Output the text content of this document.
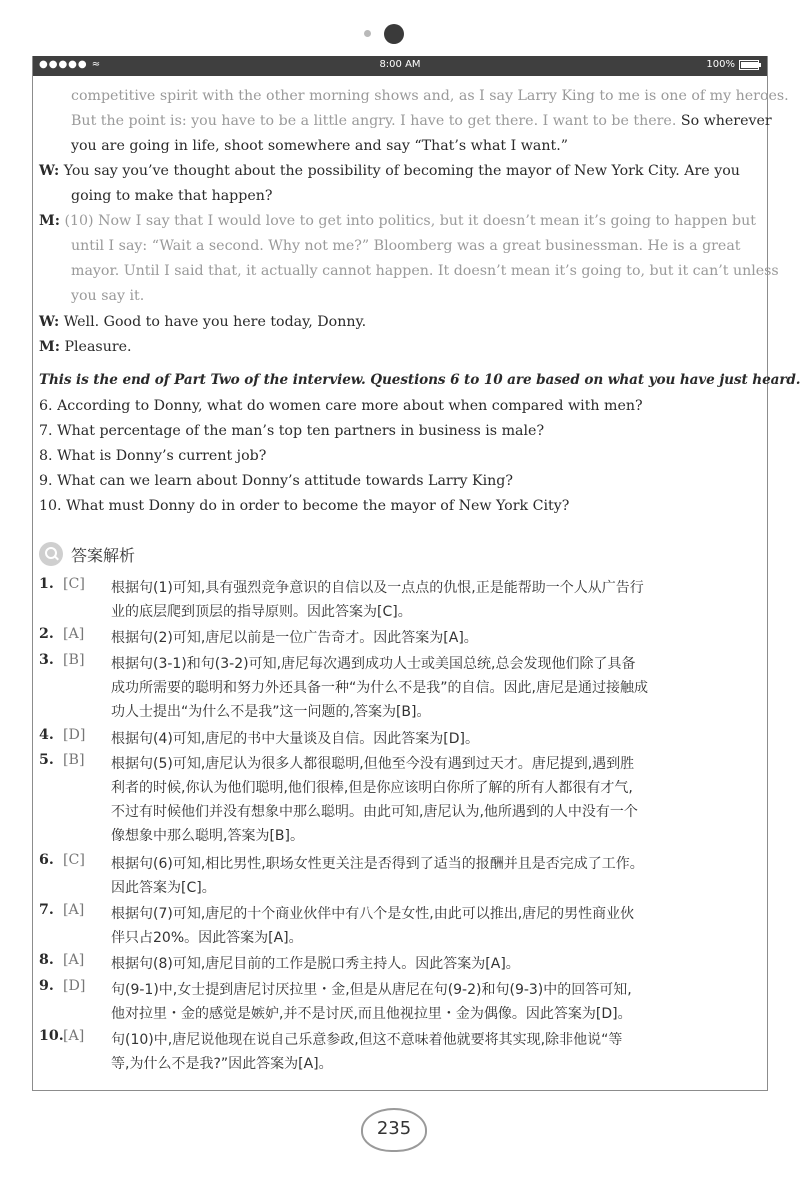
●●●●● ≈	8:00 AM	100%
competitive spirit with the other morning shows and, as I say Larry King to me is one of my heroes.
But the point is: you have to be a little angry. I have to get there. I want to be there. So wherever
you are going in life, shoot somewhere and say “That’s what I want.”
W: You say you’ve thought about the possibility of becoming the mayor of New York City. Are you
going to make that happen?
M: (10) Now I say that I would love to get into politics, but it doesn’t mean it’s going to happen but
until I say: “Wait a second. Why not me?” Bloomberg was a great businessman. He is a great
mayor. Until I said that, it actually cannot happen. It doesn’t mean it’s going to, but it can’t unless
you say it.
W: Well. Good to have you here today, Donny.
M: Pleasure.
This is the end of Part Two of the interview. Questions 6 to 10 are based on what you have just heard.
6. According to Donny, what do women care more about when compared with men?
7. What percentage of the man’s top ten partners in business is male?
8. What is Donny’s current job?
9. What can we learn about Donny’s attitude towards Larry King?
10. What must Donny do in order to become the mayor of New York City?
答案解析
1. [C] 根据句(1)可知,具有强烈竞争意识的自信以及一点点的仇恨,正是能帮助一个人从广告行
业的底层爬到顶层的指导原则。因此答案为[C]。
2. [A] 根据句(2)可知,唐尼以前是一位广告奇才。因此答案为[A]。
3. [B] 根据句(3-1)和句(3-2)可知,唐尼每次遇到成功人士或美国总统,总会发现他们除了具备
成功所需要的聪明和努力外还具备一种“为什么不是我”的自信。因此,唐尼是通过接触成
功人士提出“为什么不是我”这一问题的,答案为[B]。
4. [D] 根据句(4)可知,唐尼的书中大量谈及自信。因此答案为[D]。
5. [B] 根据句(5)可知,唐尼认为很多人都很聪明,但他至今没有遇到过天才。唐尼提到,遇到胜
利者的时候,你认为他们聪明,他们很棒,但是你应该明白你所了解的所有人都很有才气,
不过有时候他们并没有想象中那么聪明。由此可知,唐尼认为,他所遇到的人中没有一个
像想象中那么聪明,答案为[B]。
6. [C] 根据句(6)可知,相比男性,职场女性更关注是否得到了适当的报酬并且是否完成了工作。
因此答案为[C]。
7. [A] 根据句(7)可知,唐尼的十个商业伙伴中有八个是女性,由此可以推出,唐尼的男性商业伙
伴只占20%。因此答案为[A]。
8. [A] 根据句(8)可知,唐尼目前的工作是脱口秀主持人。因此答案为[A]。
9. [D] 句(9-1)中,女士提到唐尼讨厌拉里・金,但是从唐尼在句(9-2)和句(9-3)中的回答可知,
他对拉里・金的感觉是嫉妒,并不是讨厌,而且他视拉里・金为偶像。因此答案为[D]。
10. [A] 句(10)中,唐尼说他现在说自己乐意参政,但这不意味着他就要将其实现,除非他说“等
等,为什么不是我?”因此答案为[A]。
235
